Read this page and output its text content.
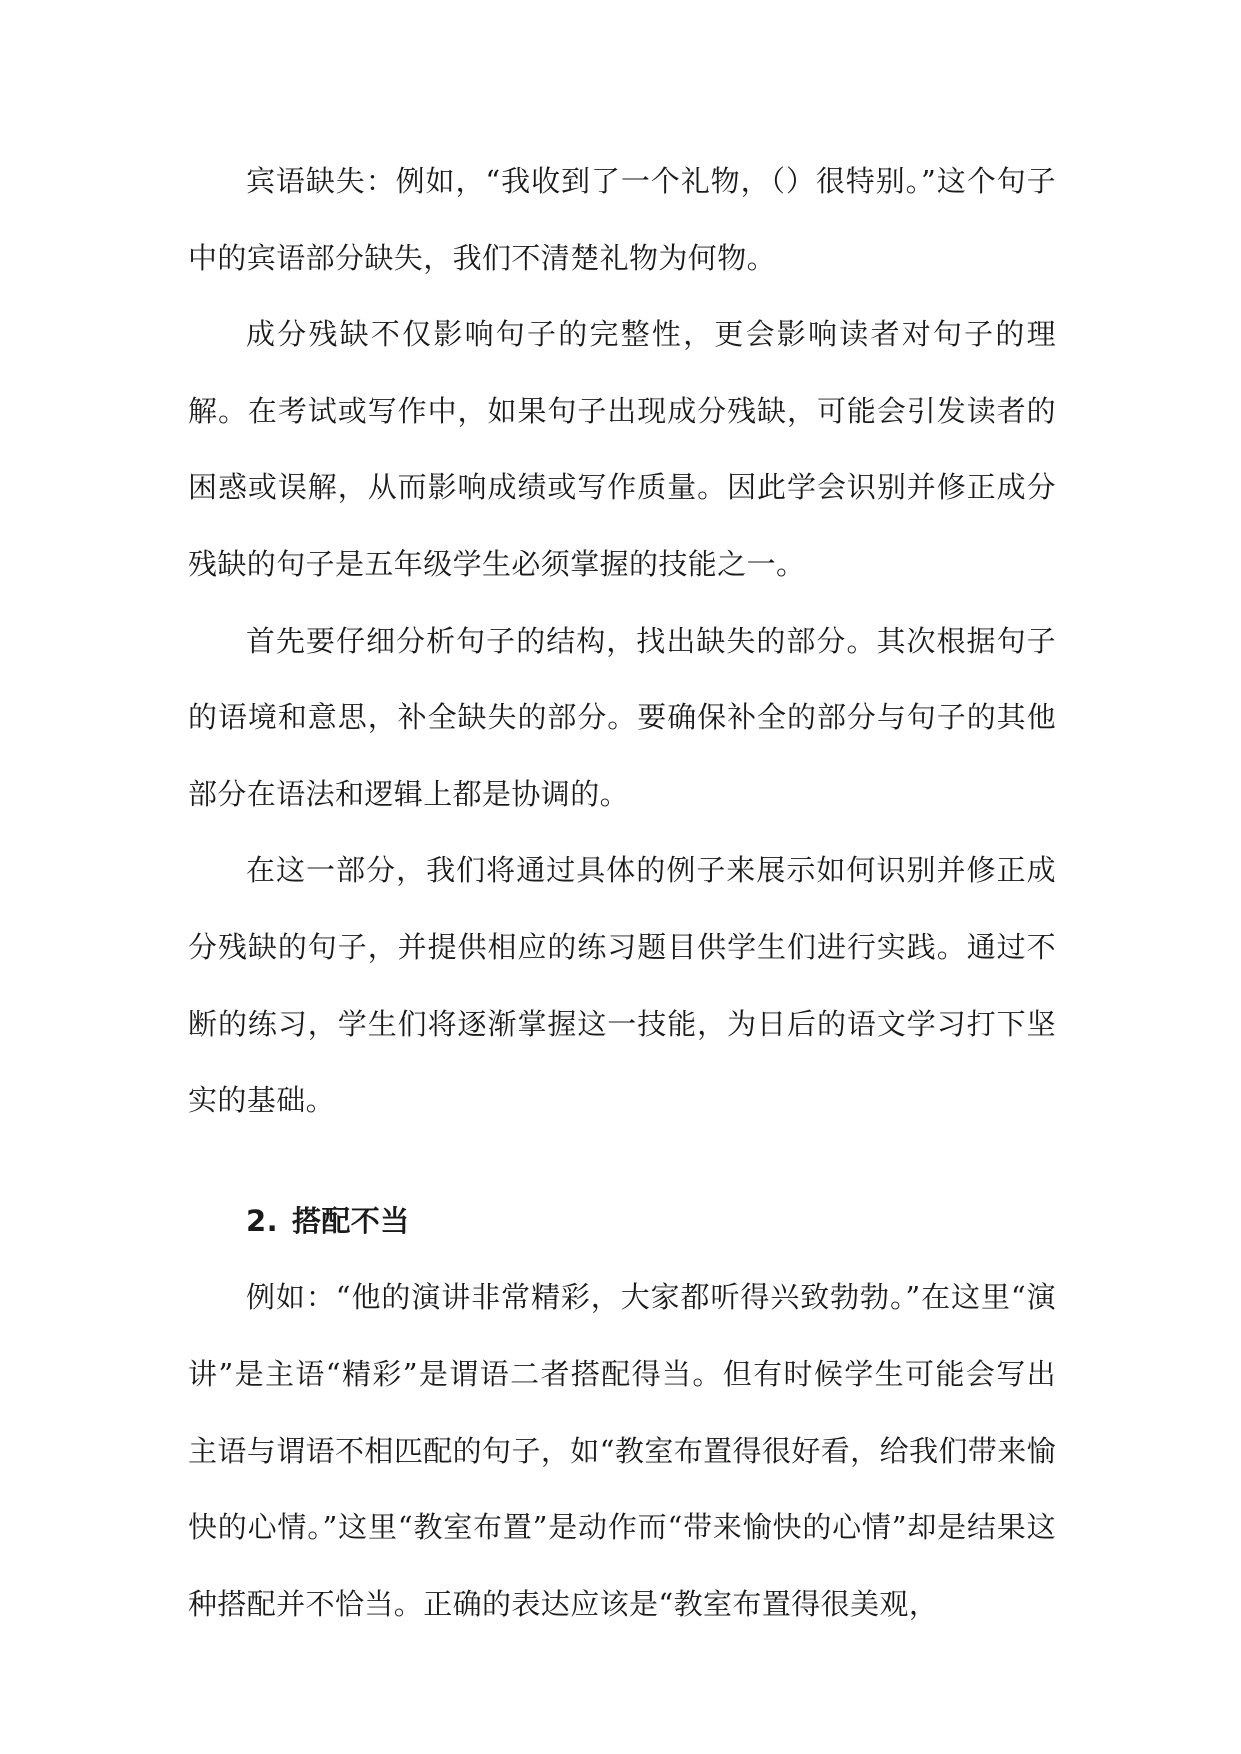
宾语缺失：例如，“我收到了一个礼物，（）很特别。”这个句子中的宾语部分缺失，我们不清楚礼物为何物。

成分残缺不仅影响句子的完整性，更会影响读者对句子的理解。在考试或写作中，如果句子出现成分残缺，可能会引发读者的困惑或误解，从而影响成绩或写作质量。因此学会识别并修正成分残缺的句子是五年级学生必须掌握的技能之一。

首先要仔细分析句子的结构，找出缺失的部分。其次根据句子的语境和意思，补全缺失的部分。要确保补全的部分与句子的其他部分在语法和逻辑上都是协调的。

在这一部分，我们将通过具体的例子来展示如何识别并修正成分残缺的句子，并提供相应的练习题目供学生们进行实践。通过不断的练习，学生们将逐渐掌握这一技能，为日后的语文学习打下坚实的基础。

2. 搭配不当

例如：“他的演讲非常精彩，大家都听得兴致勃勃。”在这里“演讲”是主语“精彩”是谓语二者搭配得当。但有时候学生可能会写出主语与谓语不相匹配的句子，如“教室布置得很好看，给我们带来愉快的心情。”这里“教室布置”是动作而“带来愉快的心情”却是结果这种搭配并不恰当。正确的表达应该是“教室布置得很美观，
